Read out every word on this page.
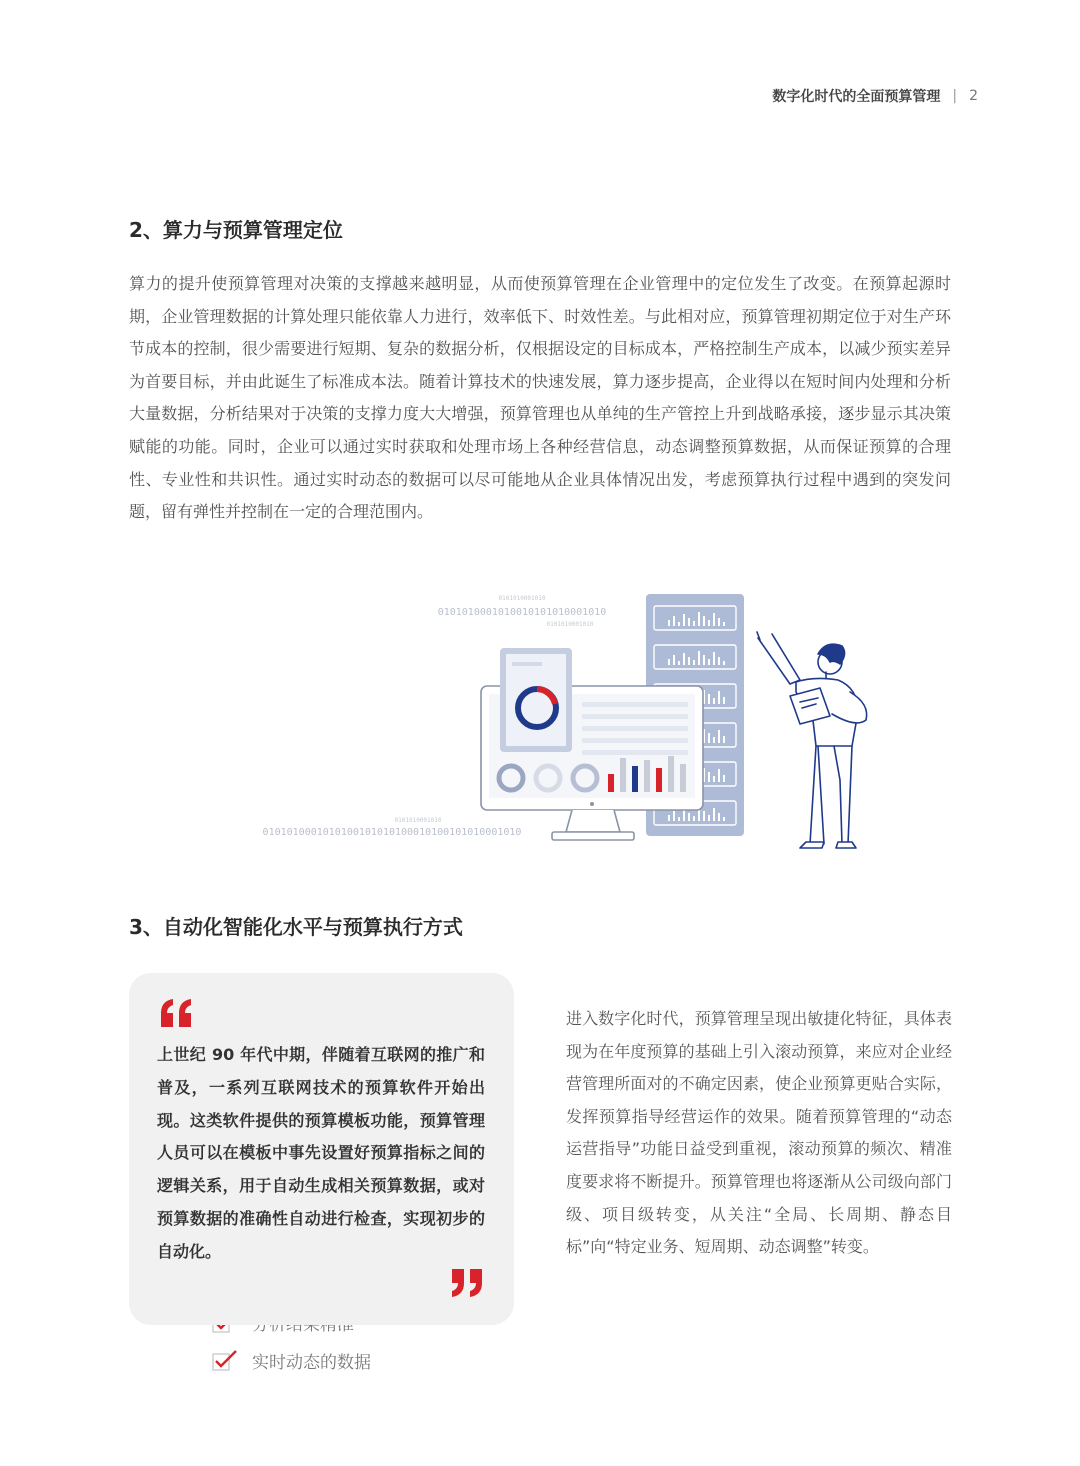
数字化时代的全面预算管理 | 2
2、算力与预算管理定位

算力的提升使预算管理对决策的支撑越来越明显，从而使预算管理在企业管理中的定位发生了改变。在预算起源时期，企业管理数据的计算处理只能依靠人力进行，效率低下、时效性差。与此相对应，预算管理初期定位于对生产环节成本的控制，很少需要进行短期、复杂的数据分析，仅根据设定的目标成本，严格控制生产成本，以减少预实差异为首要目标，并由此诞生了标准成本法。随着计算技术的快速发展，算力逐步提高，企业得以在短时间内处理和分析大量数据，分析结果对于决策的支撑力度大大增强，预算管理也从单纯的生产管控上升到战略承接，逐步显示其决策赋能的功能。同时，企业可以通过实时获取和处理市场上各种经营信息，动态调整预算数据，从而保证预算的合理性、专业性和共识性。通过实时动态的数据可以尽可能地从企业具体情况出发，考虑预算执行过程中遇到的突发问题，留有弹性并控制在一定的合理范围内。

实时动态的数据
0101010001010
0101010001010010101010001010
0101010001010
0101010001010
0101010001010100101010100010100101010001010
3、自动化智能化水平与预算执行方式

上世纪 90 年代中期，伴随着互联网的推广和普及，一系列互联网技术的预算软件开始出现。这类软件提供的预算模板功能，预算管理人员可以在模板中事先设置好预算指标之间的逻辑关系，用于自动生成相关预算数据，或对预算数据的准确性自动进行检查，实现初步的自动化。

进入数字化时代，预算管理呈现出敏捷化特征，具体表现为在年度预算的基础上引入滚动预算，来应对企业经营管理所面对的不确定因素，使企业预算更贴合实际，发挥预算指导经营运作的效果。随着预算管理的“动态运营指导”功能日益受到重视，滚动预算的频次、精准度要求将不断提升。预算管理也将逐渐从公司级向部门级、项目级转变，从关注“全局、长周期、静态目标”向“特定业务、短周期、动态调整”转变。
